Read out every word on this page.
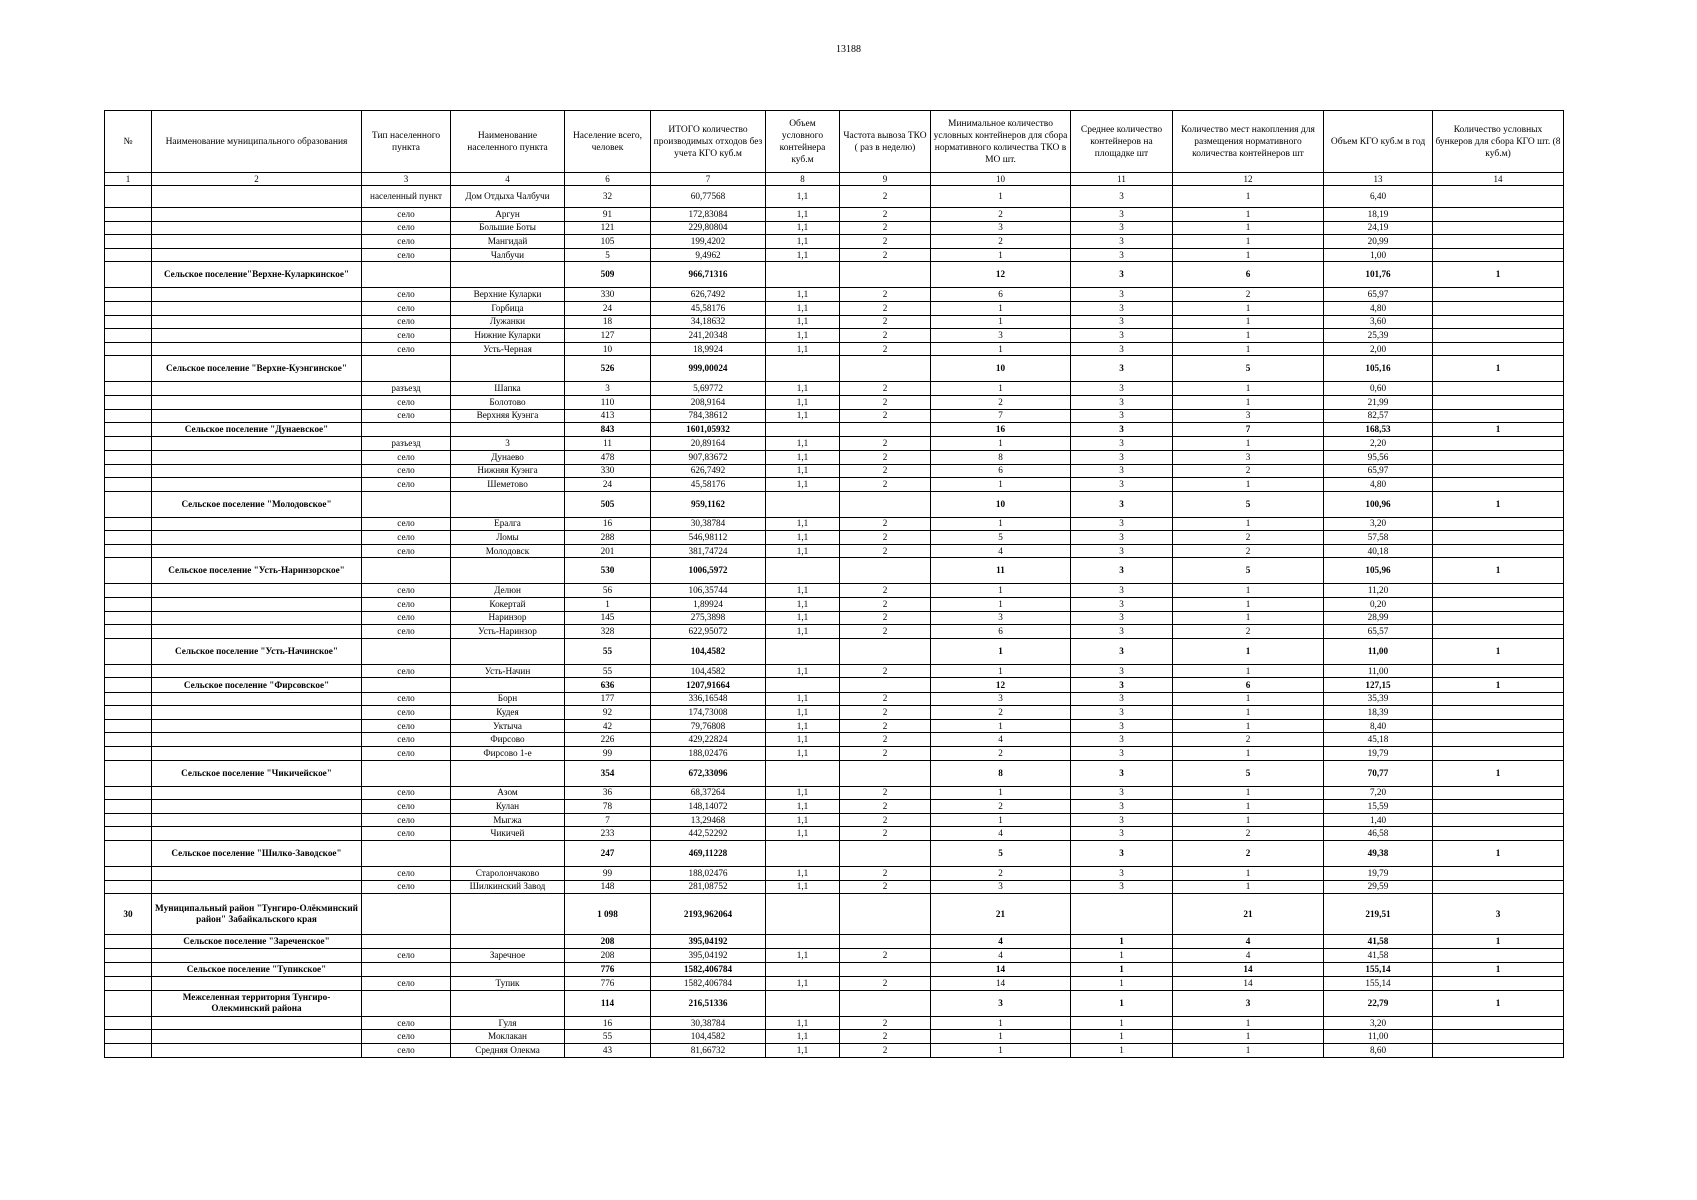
13188
№	Наименование муниципального образования	Тип населенного пункта	Наименование населенного пункта	Население всего, человек	ИТОГО количество производимых отходов без учета КГО куб.м	Объем условного контейнера куб.м	Частота вывоза ТКО ( раз в неделю)	Минимальное количество условных контейнеров для сбора нормативного количества ТКО в МО шт.	Среднее количество контейнеров на площадке шт	Количество мест накопления для размещения нормативного количества контейнеров шт	Объем КГО куб.м в год	Количество условных бункеров для сбора КГО шт. (8 куб.м)
1	2	3	4	6	7	8	9	10	11	12	13	14
		населенный пункт	Дом Отдыха Чалбучи	32	60,77568	1,1	2	1	3	1	6,40	
		село	Аргун	91	172,83084	1,1	2	2	3	1	18,19	
		село	Большие Боты	121	229,80804	1,1	2	3	3	1	24,19	
		село	Мангидай	105	199,4202	1,1	2	2	3	1	20,99	
		село	Чалбучи	5	9,4962	1,1	2	1	3	1	1,00	
	Сельское поселение"Верхне-Куларкинское"			509	966,71316			12	3	6	101,76	1
		село	Верхние Куларки	330	626,7492	1,1	2	6	3	2	65,97	
		село	Горбица	24	45,58176	1,1	2	1	3	1	4,80	
		село	Лужанки	18	34,18632	1,1	2	1	3	1	3,60	
		село	Нижние Куларки	127	241,20348	1,1	2	3	3	1	25,39	
		село	Усть-Черная	10	18,9924	1,1	2	1	3	1	2,00	
	Сельское поселение "Верхне-Куэнгинское"			526	999,00024			10	3	5	105,16	1
		разъезд	Шапка	3	5,69772	1,1	2	1	3	1	0,60	
		село	Болотово	110	208,9164	1,1	2	2	3	1	21,99	
		село	Верхняя Куэнга	413	784,38612	1,1	2	7	3	3	82,57	
	Сельское поселение "Дунаевское"			843	1601,05932			16	3	7	168,53	1
		разъезд	3	11	20,89164	1,1	2	1	3	1	2,20	
		село	Дунаево	478	907,83672	1,1	2	8	3	3	95,56	
		село	Нижняя Куэнга	330	626,7492	1,1	2	6	3	2	65,97	
		село	Шеметово	24	45,58176	1,1	2	1	3	1	4,80	
	Сельское поселение "Молодовское"			505	959,1162			10	3	5	100,96	1
		село	Ералга	16	30,38784	1,1	2	1	3	1	3,20	
		село	Ломы	288	546,98112	1,1	2	5	3	2	57,58	
		село	Молодовск	201	381,74724	1,1	2	4	3	2	40,18	
	Сельское поселение "Усть-Наринзорское"			530	1006,5972			11	3	5	105,96	1
		село	Делюн	56	106,35744	1,1	2	1	3	1	11,20	
		село	Кокертай	1	1,89924	1,1	2	1	3	1	0,20	
		село	Наринзор	145	275,3898	1,1	2	3	3	1	28,99	
		село	Усть-Наринзор	328	622,95072	1,1	2	6	3	2	65,57	
	Сельское поселение "Усть-Начинское"			55	104,4582			1	3	1	11,00	1
		село	Усть-Начин	55	104,4582	1,1	2	1	3	1	11,00	
	Сельское поселение "Фирсовское"			636	1207,91664			12	3	6	127,15	1
		село	Борн	177	336,16548	1,1	2	3	3	1	35,39	
		село	Кудея	92	174,73008	1,1	2	2	3	1	18,39	
		село	Уктыча	42	79,76808	1,1	2	1	3	1	8,40	
		село	Фирсово	226	429,22824	1,1	2	4	3	2	45,18	
		село	Фирсово 1-е	99	188,02476	1,1	2	2	3	1	19,79	
	Сельское поселение "Чикичейское"			354	672,33096			8	3	5	70,77	1
		село	Азом	36	68,37264	1,1	2	1	3	1	7,20	
		село	Кулан	78	148,14072	1,1	2	2	3	1	15,59	
		село	Мыгжа	7	13,29468	1,1	2	1	3	1	1,40	
		село	Чикичей	233	442,52292	1,1	2	4	3	2	46,58	
	Сельское поселение "Шилко-Заводское"			247	469,11228			5	3	2	49,38	1
		село	Старолончаково	99	188,02476	1,1	2	2	3	1	19,79	
		село	Шилкинский Завод	148	281,08752	1,1	2	3	3	1	29,59	
30	Муниципальный район "Тунгиро-Олёкминский район" Забайкальского края			1 098	2193,962064			21		21	219,51	3
	Сельское поселение "Зареченское"			208	395,04192			4	1	4	41,58	1
		село	Заречное	208	395,04192	1,1	2	4	1	4	41,58	
	Сельское поселение "Тупикское"			776	1582,406784			14	1	14	155,14	1
		село	Тупик	776	1582,406784	1,1	2	14	1	14	155,14	
	Межселенная территория Тунгиро-Олекминский района			114	216,51336			3	1	3	22,79	1
		село	Гуля	16	30,38784	1,1	2	1	1	1	3,20	
		село	Моклакан	55	104,4582	1,1	2	1	1	1	11,00	
		село	Средняя Олекма	43	81,66732	1,1	2	1	1	1	8,60	
